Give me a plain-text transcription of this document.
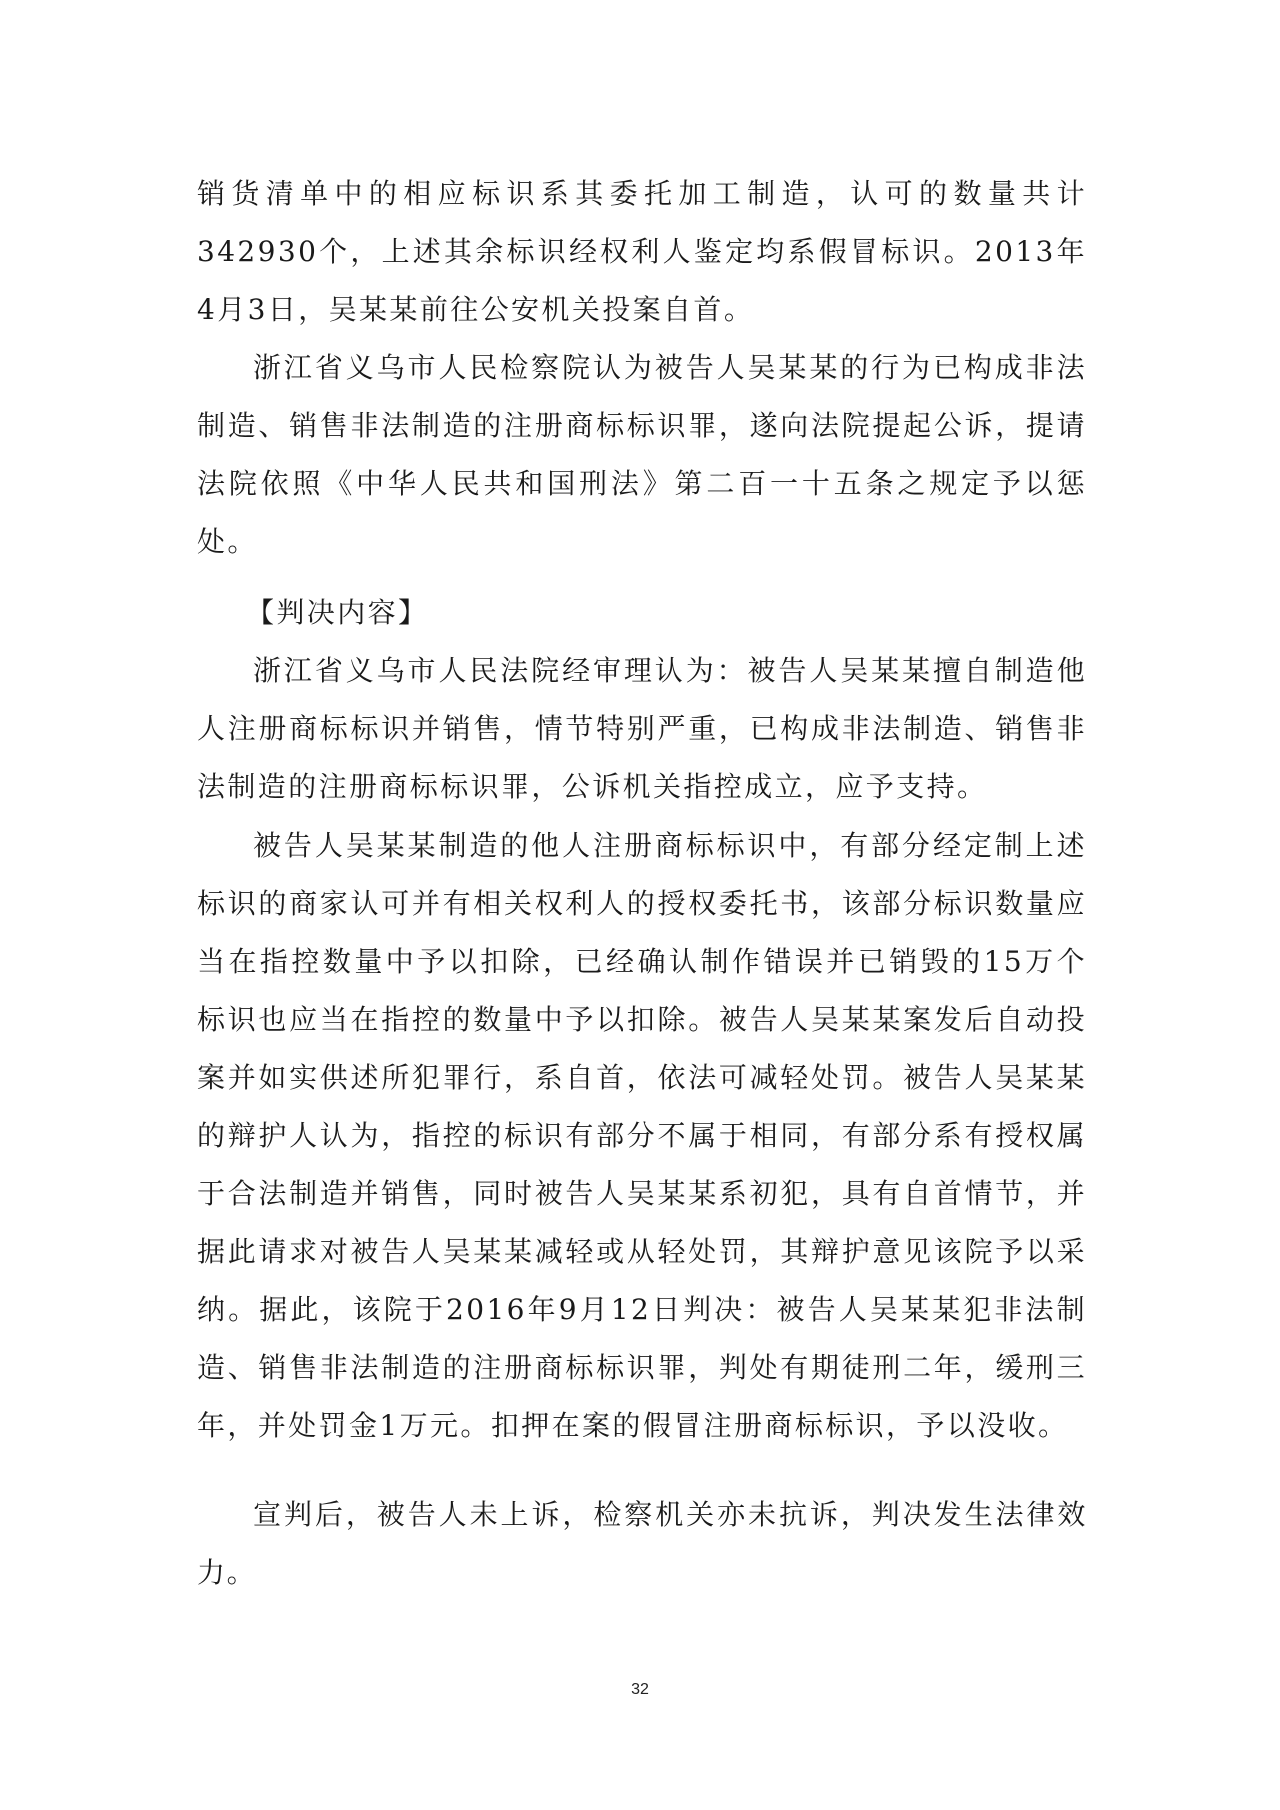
销货清单中的相应标识系其委托加工制造，认可的数量共计342930个，上述其余标识经权利人鉴定均系假冒标识。2013年4月3日，吴某某前往公安机关投案自首。

浙江省义乌市人民检察院认为被告人吴某某的行为已构成非法制造、销售非法制造的注册商标标识罪，遂向法院提起公诉，提请法院依照《中华人民共和国刑法》第二百一十五条之规定予以惩处。

【判决内容】

浙江省义乌市人民法院经审理认为：被告人吴某某擅自制造他人注册商标标识并销售，情节特别严重，已构成非法制造、销售非法制造的注册商标标识罪，公诉机关指控成立，应予支持。

被告人吴某某制造的他人注册商标标识中，有部分经定制上述标识的商家认可并有相关权利人的授权委托书，该部分标识数量应当在指控数量中予以扣除，已经确认制作错误并已销毁的15万个标识也应当在指控的数量中予以扣除。被告人吴某某案发后自动投案并如实供述所犯罪行，系自首，依法可减轻处罚。被告人吴某某的辩护人认为，指控的标识有部分不属于相同，有部分系有授权属于合法制造并销售，同时被告人吴某某系初犯，具有自首情节，并据此请求对被告人吴某某减轻或从轻处罚，其辩护意见该院予以采纳。据此，该院于2016年9月12日判决：被告人吴某某犯非法制造、销售非法制造的注册商标标识罪，判处有期徒刑二年，缓刑三年，并处罚金1万元。扣押在案的假冒注册商标标识，予以没收。

宣判后，被告人未上诉，检察机关亦未抗诉，判决发生法律效力。

32
